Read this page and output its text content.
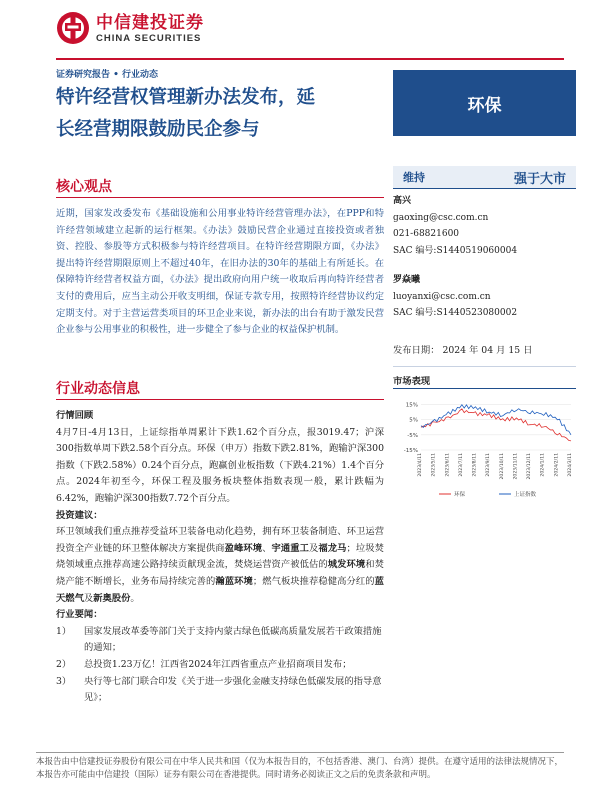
中信建投证券
CHINA SECURITIES
证券研究报告 • 行业动态
特许经营权管理新办法发布，延
长经营期限鼓励民企参与
环保
核心观点
近期，国家发改委发布《基础设施和公用事业特许经营管理办法》，在PPP和特许经营领域建立起新的运行框架。《办法》鼓励民营企业通过直接投资或者独资、控股、参股等方式积极参与特许经营项目。在特许经营期限方面，《办法》提出特许经营期限原则上不超过40年，在旧办法的30年的基础上有所延长。在保障特许经营者权益方面，《办法》提出政府向用户统一收取后再向特许经营者支付的费用后，应当主动公开收支明细，保证专款专用，按照特许经营协议约定定期支付。对于主营运营类项目的环卫企业来说，新办法的出台有助于激发民营企业参与公用事业的积极性，进一步健全了参与企业的权益保护机制。
行业动态信息
行情回顾

4月7日-4月13日，上证综指单周累计下跌1.62个百分点，报3019.47；沪深300指数单周下跌2.58个百分点。环保（申万）指数下跌2.81%，跑输沪深300指数（下跌2.58%）0.24个百分点，跑赢创业板指数（下跌4.21%）1.4个百分点。2024年初至今，环保工程及服务板块整体指数表现一般，累计跌幅为6.42%，跑输沪深300指数7.72个百分点。

投资建议：

环卫领域我们重点推荐受益环卫装备电动化趋势，拥有环卫装备制造、环卫运营投资全产业链的环卫整体解决方案提供商盈峰环境、宇通重工及福龙马；垃圾焚烧领域重点推荐高速公路持续贡献现金流，焚烧运营资产被低估的城发环境和焚烧产能不断增长，业务布局持续完善的瀚蓝环境；燃气板块推荐稳健高分红的蓝天燃气及新奥股份。

行业要闻：
1）	国家发展改革委等部门关于支持内蒙古绿色低碳高质量发展若干政策措施的通知；
2）	总投资1.23万亿！江西省2024年江西省重点产业招商项目发布；
3）	央行等七部门联合印发《关于进一步强化金融支持绿色低碳发展的指导意见》；
维持	强于大市
高兴
gaoxing@csc.com.cn
021-68821600
SAC 编号:S1440519060004
罗焱曦
luoyanxi@csc.com.cn
SAC 编号:S1440523080002
发布日期： 2024 年 04 月 15 日
市场表现
15%
5%
-5%
-15%
2023/4/11 2023/5/11 2023/6/11 2023/7/11 2023/8/11 2023/9/11 2023/10/11 2023/11/11 2023/12/11 2024/1/11 2024/2/11 2024/3/11
环保	上证指数
本报告由中信建投证券股份有限公司在中华人民共和国（仅为本报告目的，不包括香港、澳门、台湾）提供。在遵守适用的法律法规情况下，
本报告亦可能由中信建投（国际）证券有限公司在香港提供。同时请务必阅读正文之后的免责条款和声明。
